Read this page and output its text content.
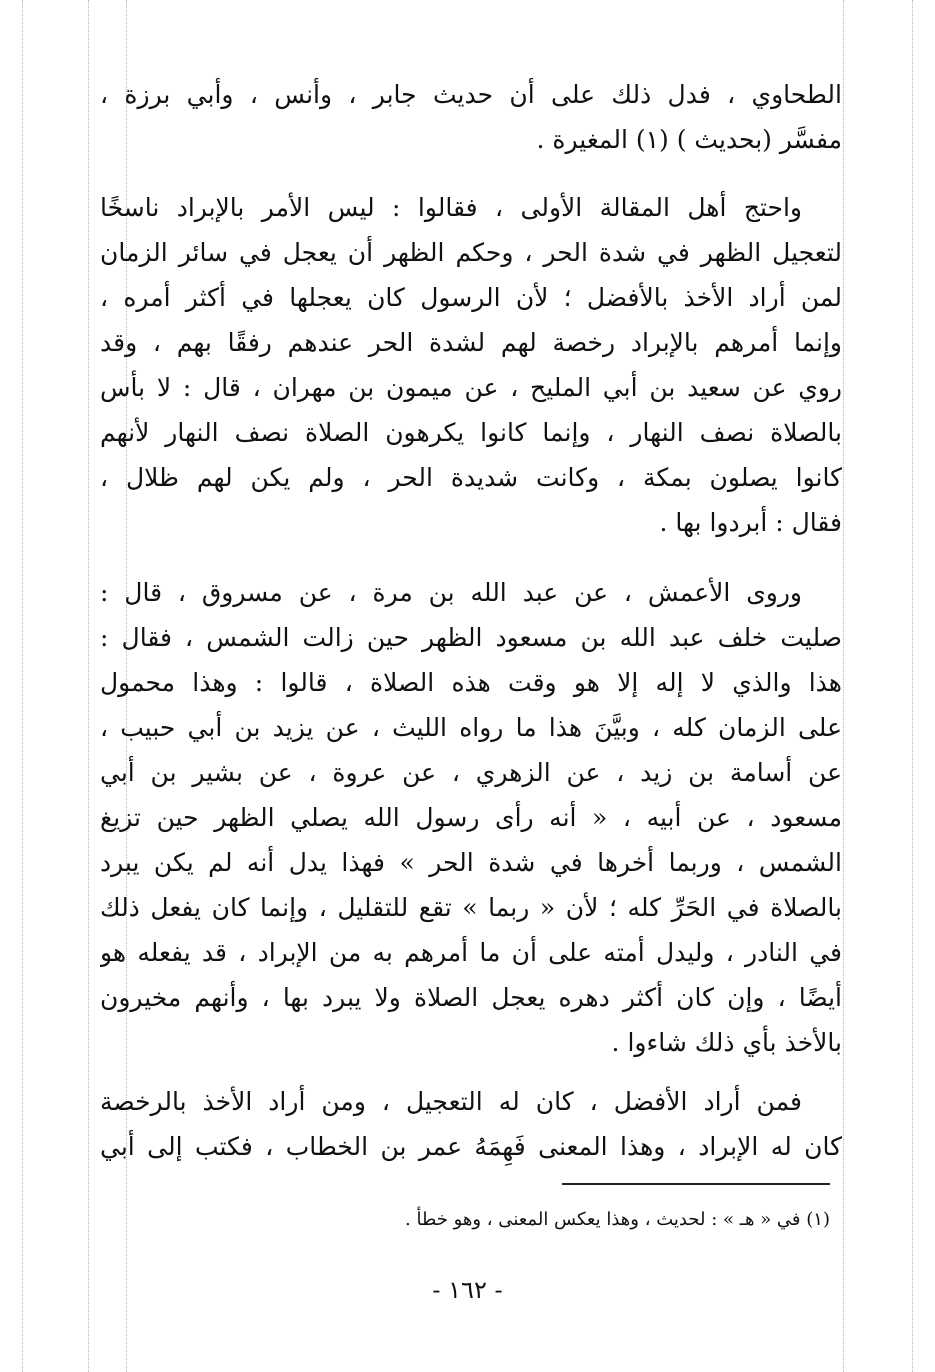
الطحاوي ، فدل ذلك على أن حديث جابر ، وأنس ، وأبي برزة ،
مفسَّر (بحديث ) (١) المغيرة .
واحتج أهل المقالة الأولى ، فقالوا : ليس الأمر بالإبراد ناسخًا
لتعجيل الظهر في شدة الحر ، وحكم الظهر أن يعجل في سائر الزمان
لمن أراد الأخذ بالأفضل ؛ لأن الرسول كان يعجلها في أكثر أمره ،
وإنما أمرهم بالإبراد رخصة لهم لشدة الحر عندهم رفقًا بهم ، وقد
روي عن سعيد بن أبي المليح ، عن ميمون بن مهران ، قال : لا بأس
بالصلاة نصف النهار ، وإنما كانوا يكرهون الصلاة نصف النهار لأنهم
كانوا يصلون بمكة ، وكانت شديدة الحر ، ولم يكن لهم ظلال ،
فقال : أبردوا بها .
وروى الأعمش ، عن عبد الله بن مرة ، عن مسروق ، قال :
صليت خلف عبد الله بن مسعود الظهر حين زالت الشمس ، فقال :
هذا والذي لا إله إلا هو وقت هذه الصلاة ، قالوا : وهذا محمول
على الزمان كله ، وبيَّنَ هذا ما رواه الليث ، عن يزيد بن أبي حبيب ،
عن أسامة بن زيد ، عن الزهري ، عن عروة ، عن بشير بن أبي
مسعود ، عن أبيه ، « أنه رأى رسول الله يصلي الظهر حين تزيغ
الشمس ، وربما أخرها في شدة الحر » فهذا يدل أنه لم يكن يبرد
بالصلاة في الحَرِّ كله ؛ لأن « ربما » تقع للتقليل ، وإنما كان يفعل ذلك
في النادر ، وليدل أمته على أن ما أمرهم به من الإبراد ، قد يفعله هو
أيضًا ، وإن كان أكثر دهره يعجل الصلاة ولا يبرد بها ، وأنهم مخيرون
بالأخذ بأي ذلك شاءوا .
فمن أراد الأفضل ، كان له التعجيل ، ومن أراد الأخذ بالرخصة
كان له الإبراد ، وهذا المعنى فَهِمَهُ عمر بن الخطاب ، فكتب إلى أبي
(١) في « هـ » : لحديث ، وهذا يعكس المعنى ، وهو خطأ .
- ١٦٢ -
